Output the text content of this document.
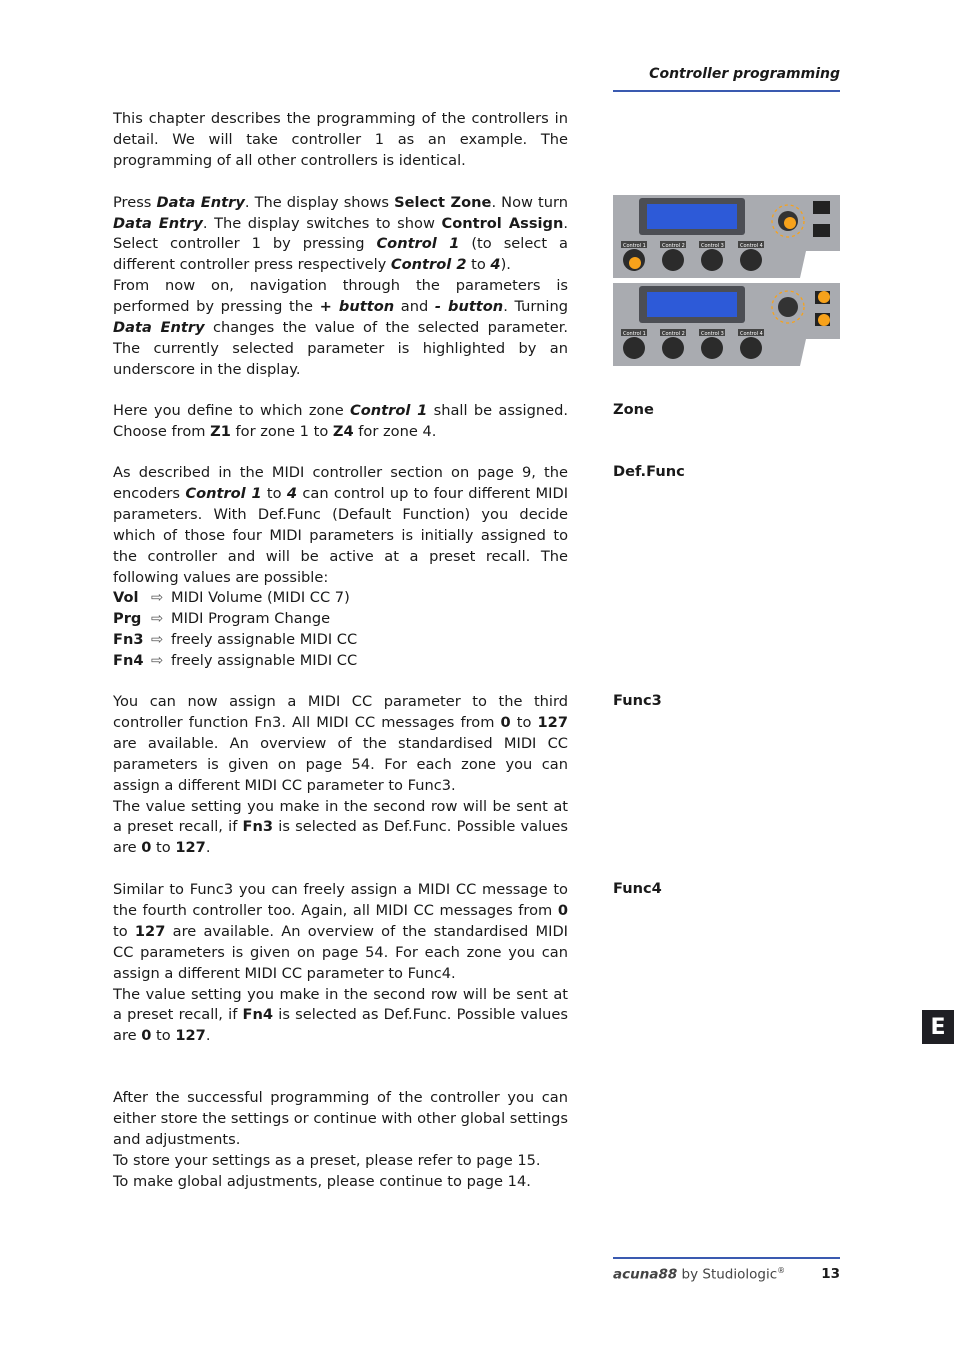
Controller programming

This chapter describes the programming of the controllers in detail. We will take controller 1 as an example. The programming of all other controllers is identical.

Press Data Entry. The display shows Select Zone. Now turn Data Entry. The display switches to show Control Assign. Select controller 1 by pressing Control 1 (to select a different controller press respectively Control 2 to 4).

From now on, navigation through the parameters is performed by pressing the + button and - button. Turning Data Entry changes the value of the selected parameter. The currently selected parameter is highlighted by an underscore in the display.

Control 1	Control 2	Control 3	Control 4
Control 1	Control 2	Control 3	Control 4
Zone

Here you define to which zone Control 1 shall be assigned. Choose from Z1 for zone 1 to Z4 for zone 4.

Def.Func

As described in the MIDI controller section on page 9, the encoders Control 1 to 4 can control up to four different MIDI parameters. With Def.Func (Default Function) you decide which of those four MIDI parameters is initially assigned to the controller and will be active at a preset recall. The following values are possible:

Vol ⇨ MIDI Volume (MIDI CC 7)
Prg ⇨ MIDI Program Change
Fn3 ⇨ freely assignable MIDI CC
Fn4 ⇨ freely assignable MIDI CC
Func3

You can now assign a MIDI CC parameter to the third controller function Fn3. All MIDI CC messages from 0 to 127 are available. An overview of the standardised MIDI CC parameters is given on page 54. For each zone you can assign a different MIDI CC parameter to Func3.

The value setting you make in the second row will be sent at a preset recall, if Fn3 is selected as Def.Func. Possible values are 0 to 127.

Func4

Similar to Func3 you can freely assign a MIDI CC message to the fourth controller too. Again, all MIDI CC messages from 0 to 127 are available. An overview of the standardised MIDI CC parameters is given on page 54. For each zone you can assign a different MIDI CC parameter to Func4.

The value setting you make in the second row will be sent at a preset recall, if Fn4 is selected as Def.Func. Possible values are 0 to 127.

After the successful programming of the controller you can either store the settings or continue with other global settings and adjustments.

To store your settings as a preset, please refer to page 15.

To make global adjustments, please continue to page 14.

E
acuna88 by Studiologic®	13
